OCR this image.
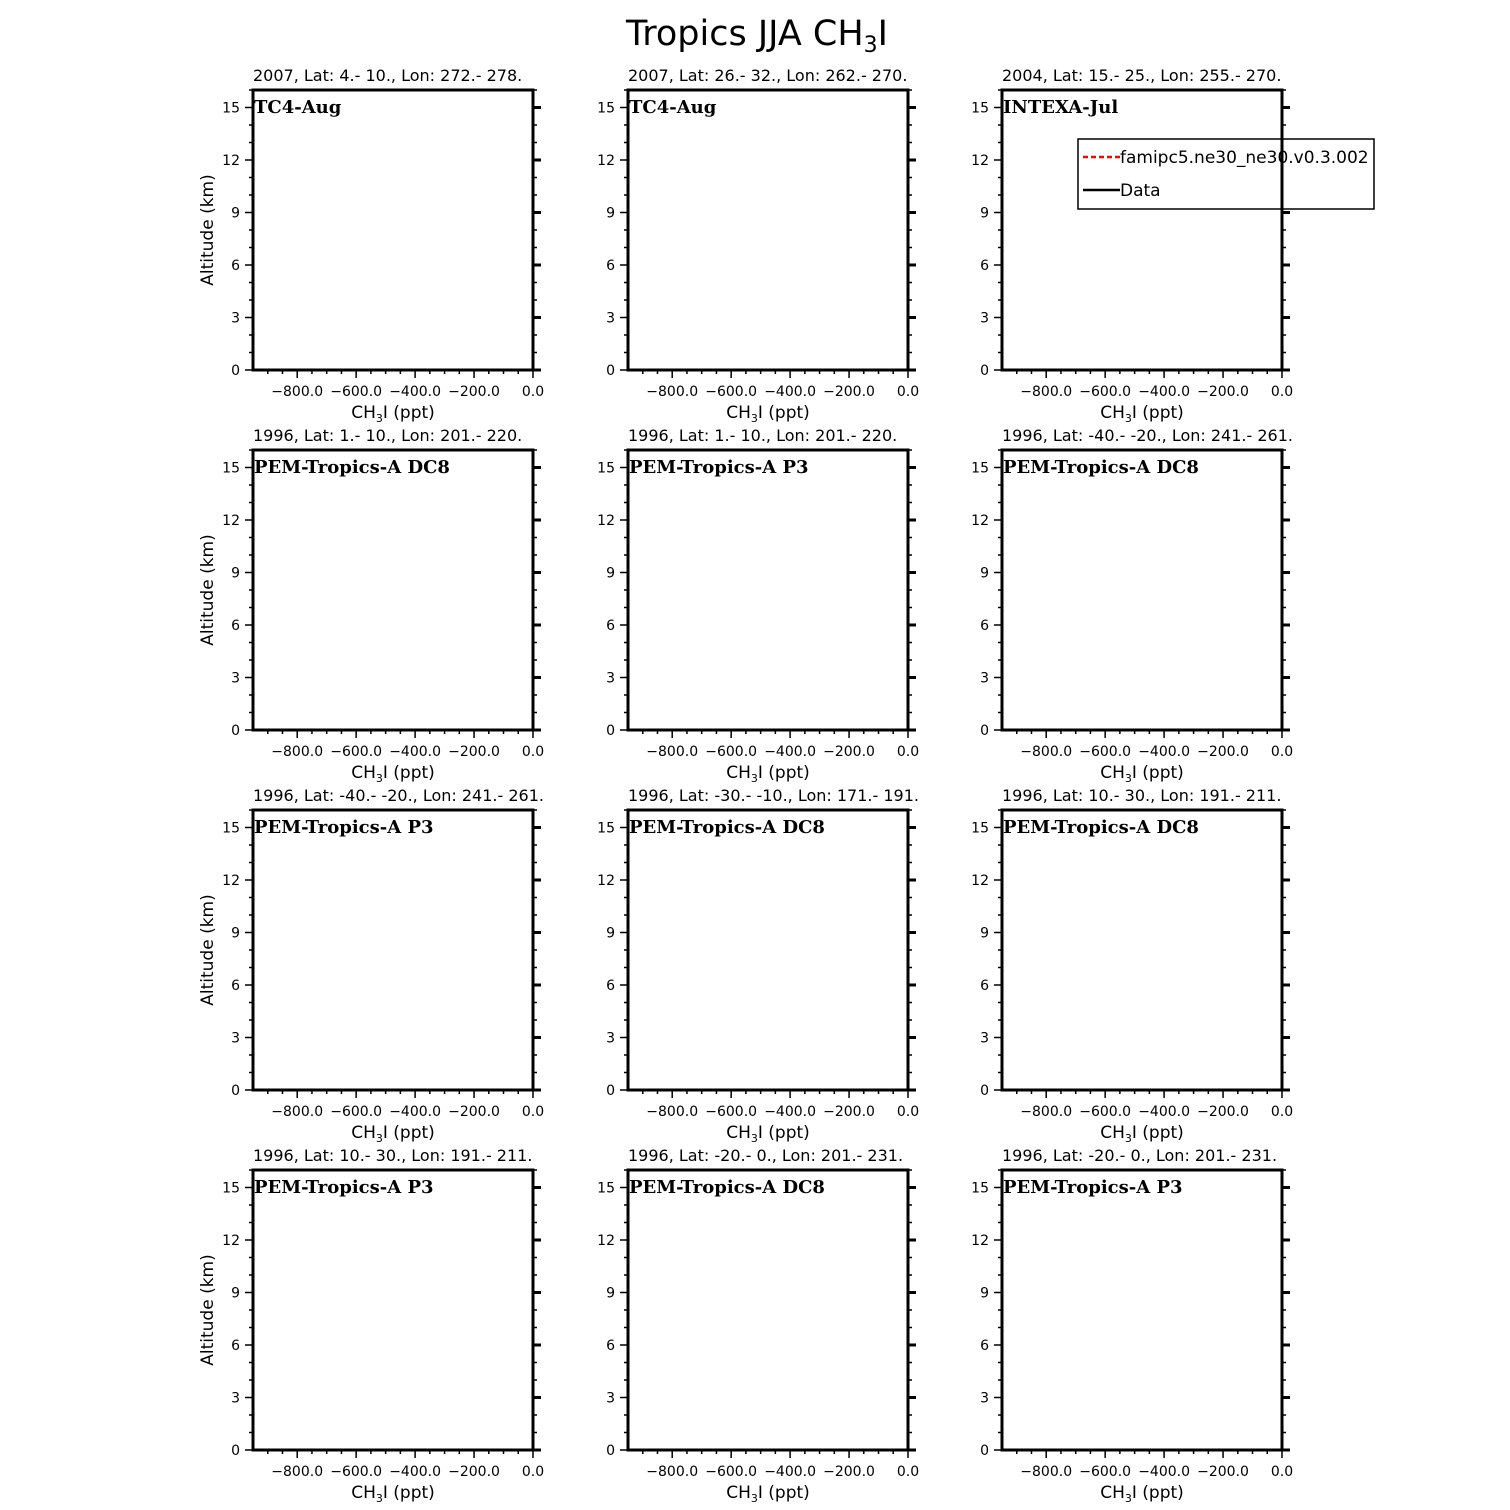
Tropics JJA $CH_3I$
2007, Lat: 4.- 10., Lon: 272.- 278.
0
3
6
9
12
15
−800.0 −600.0 −400.0 −200.0 0.0
$CH_3I$ (ppt)
Altitude (km)
TC4-Aug
2007, Lat: 26.- 32., Lon: 262.- 270.
0
3
6
9
12
15
−800.0 −600.0 −400.0 −200.0 0.0
$CH_3I$ (ppt)
TC4-Aug
2004, Lat: 15.- 25., Lon: 255.- 270.
0
3
6
9
12
15
−800.0 −600.0 −400.0 −200.0 0.0
$CH_3I$ (ppt)
INTEXA-Jul
1996, Lat: 1.- 10., Lon: 201.- 220.
0
3
6
9
12
15
−800.0 −600.0 −400.0 −200.0 0.0
$CH_3I$ (ppt)
Altitude (km)
PEM-Tropics-A DC8
1996, Lat: 1.- 10., Lon: 201.- 220.
0
3
6
9
12
15
−800.0 −600.0 −400.0 −200.0 0.0
$CH_3I$ (ppt)
PEM-Tropics-A P3
1996, Lat: -40.- -20., Lon: 241.- 261.
0
3
6
9
12
15
−800.0 −600.0 −400.0 −200.0 0.0
$CH_3I$ (ppt)
PEM-Tropics-A DC8
1996, Lat: -40.- -20., Lon: 241.- 261.
0
3
6
9
12
15
−800.0 −600.0 −400.0 −200.0 0.0
$CH_3I$ (ppt)
Altitude (km)
PEM-Tropics-A P3
1996, Lat: -30.- -10., Lon: 171.- 191.
0
3
6
9
12
15
−800.0 −600.0 −400.0 −200.0 0.0
$CH_3I$ (ppt)
PEM-Tropics-A DC8
1996, Lat: 10.- 30., Lon: 191.- 211.
0
3
6
9
12
15
−800.0 −600.0 −400.0 −200.0 0.0
$CH_3I$ (ppt)
PEM-Tropics-A DC8
1996, Lat: 10.- 30., Lon: 191.- 211.
0
3
6
9
12
15
−800.0 −600.0 −400.0 −200.0 0.0
$CH_3I$ (ppt)
Altitude (km)
PEM-Tropics-A P3
1996, Lat: -20.- 0., Lon: 201.- 231.
0
3
6
9
12
15
−800.0 −600.0 −400.0 −200.0 0.0
$CH_3I$ (ppt)
PEM-Tropics-A DC8
1996, Lat: -20.- 0., Lon: 201.- 231.
0
3
6
9
12
15
−800.0 −600.0 −400.0 −200.0 0.0
$CH_3I$ (ppt)
PEM-Tropics-A P3
famipc5.ne30_ne30.v0.3.002
Data
